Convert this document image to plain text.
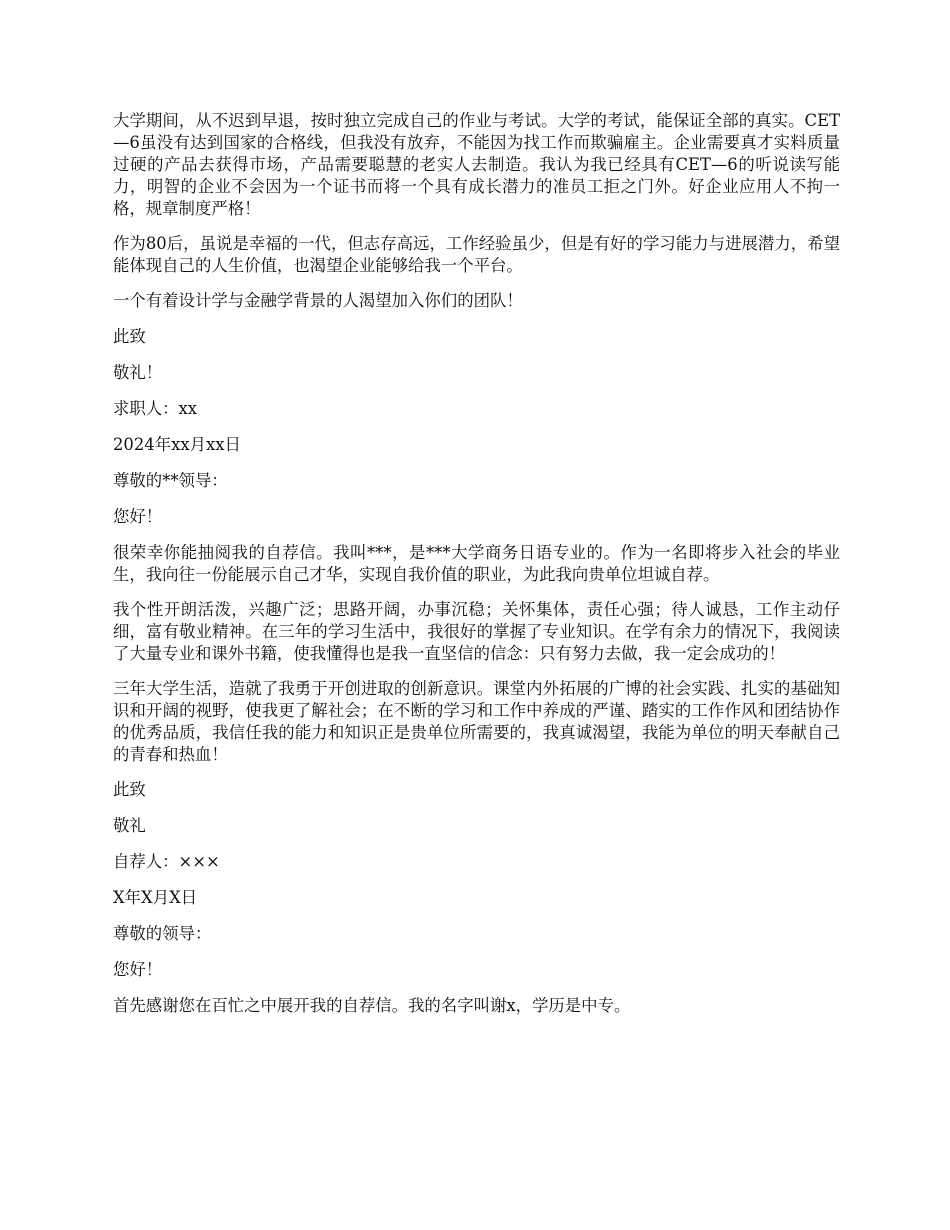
大学期间，从不迟到早退，按时独立完成自己的作业与考试。大学的考试，能保证全部的真实。CET—6虽没有达到国家的合格线，但我没有放弃，不能因为找工作而欺骗雇主。企业需要真才实料质量过硬的产品去获得市场，产品需要聪慧的老实人去制造。我认为我已经具有CET—6的听说读写能力，明智的企业不会因为一个证书而将一个具有成长潜力的准员工拒之门外。好企业应用人不拘一格，规章制度严格！

作为80后，虽说是幸福的一代，但志存高远，工作经验虽少，但是有好的学习能力与进展潜力，希望能体现自己的人生价值，也渴望企业能够给我一个平台。

一个有着设计学与金融学背景的人渴望加入你们的团队！

此致

敬礼！

求职人：xx

2024年xx月xx日

尊敬的**领导：

您好！

很荣幸你能抽阅我的自荐信。我叫***，是***大学商务日语专业的。作为一名即将步入社会的毕业生，我向往一份能展示自己才华，实现自我价值的职业，为此我向贵单位坦诚自荐。

我个性开朗活泼，兴趣广泛；思路开阔，办事沉稳；关怀集体，责任心强；待人诚恳，工作主动仔细，富有敬业精神。在三年的学习生活中，我很好的掌握了专业知识。在学有余力的情况下，我阅读了大量专业和课外书籍，使我懂得也是我一直坚信的信念：只有努力去做，我一定会成功的！

三年大学生活，造就了我勇于开创进取的创新意识。课堂内外拓展的广博的社会实践、扎实的基础知识和开阔的视野，使我更了解社会；在不断的学习和工作中养成的严谨、踏实的工作作风和团结协作的优秀品质，我信任我的能力和知识正是贵单位所需要的，我真诚渴望，我能为单位的明天奉献自己的青春和热血！

此致

敬礼

自荐人：×××

X年X月X日

尊敬的领导：

您好！

首先感谢您在百忙之中展开我的自荐信。我的名字叫谢x，学历是中专。
